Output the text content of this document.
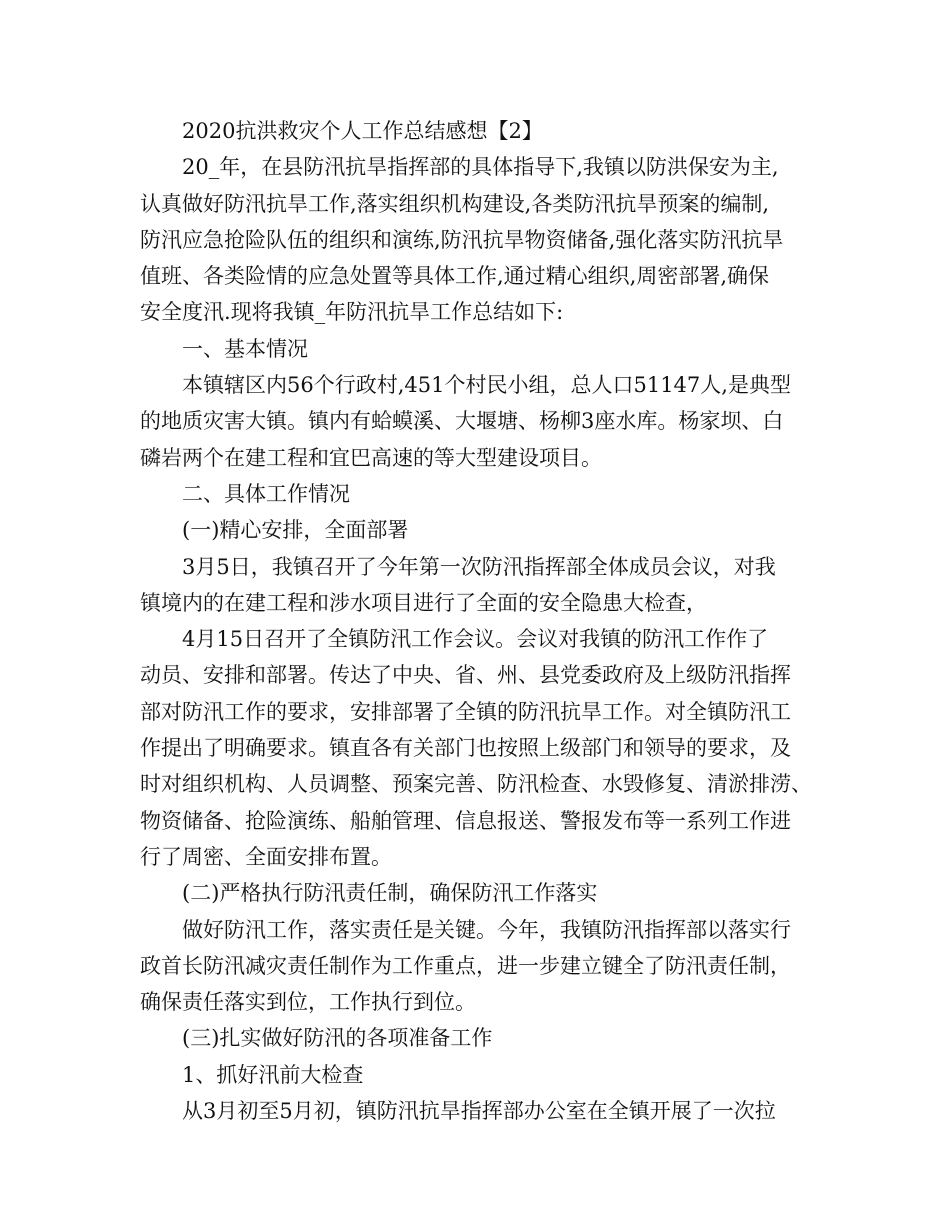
2020抗洪救灾个人工作总结感想【2】
20_年，在县防汛抗旱指挥部的具体指导下,我镇以防洪保安为主,
认真做好防汛抗旱工作,落实组织机构建设,各类防汛抗旱预案的编制,
防汛应急抢险队伍的组织和演练,防汛抗旱物资储备,强化落实防汛抗旱
值班、各类险情的应急处置等具体工作,通过精心组织,周密部署,确保
安全度汛.现将我镇_年防汛抗旱工作总结如下:
一、基本情况
本镇辖区内56个行政村,451个村民小组，总人口51147人,是典型
的地质灾害大镇。镇内有蛤蟆溪、大堰塘、杨柳3座水库。杨家坝、白
磷岩两个在建工程和宜巴高速的等大型建设项目。
二、具体工作情况
(一)精心安排，全面部署
3月5日，我镇召开了今年第一次防汛指挥部全体成员会议，对我
镇境内的在建工程和涉水项目进行了全面的安全隐患大检查，
4月15日召开了全镇防汛工作会议。会议对我镇的防汛工作作了
动员、安排和部署。传达了中央、省、州、县党委政府及上级防汛指挥
部对防汛工作的要求，安排部署了全镇的防汛抗旱工作。对全镇防汛工
作提出了明确要求。镇直各有关部门也按照上级部门和领导的要求，及
时对组织机构、人员调整、预案完善、防汛检查、水毁修复、清淤排涝、
物资储备、抢险演练、船舶管理、信息报送、警报发布等一系列工作进
行了周密、全面安排布置。
(二)严格执行防汛责任制，确保防汛工作落实
做好防汛工作，落实责任是关键。今年，我镇防汛指挥部以落实行
政首长防汛减灾责任制作为工作重点，进一步建立键全了防汛责任制，
确保责任落实到位，工作执行到位。
(三)扎实做好防汛的各项准备工作
1、抓好汛前大检查
从3月初至5月初，镇防汛抗旱指挥部办公室在全镇开展了一次拉
